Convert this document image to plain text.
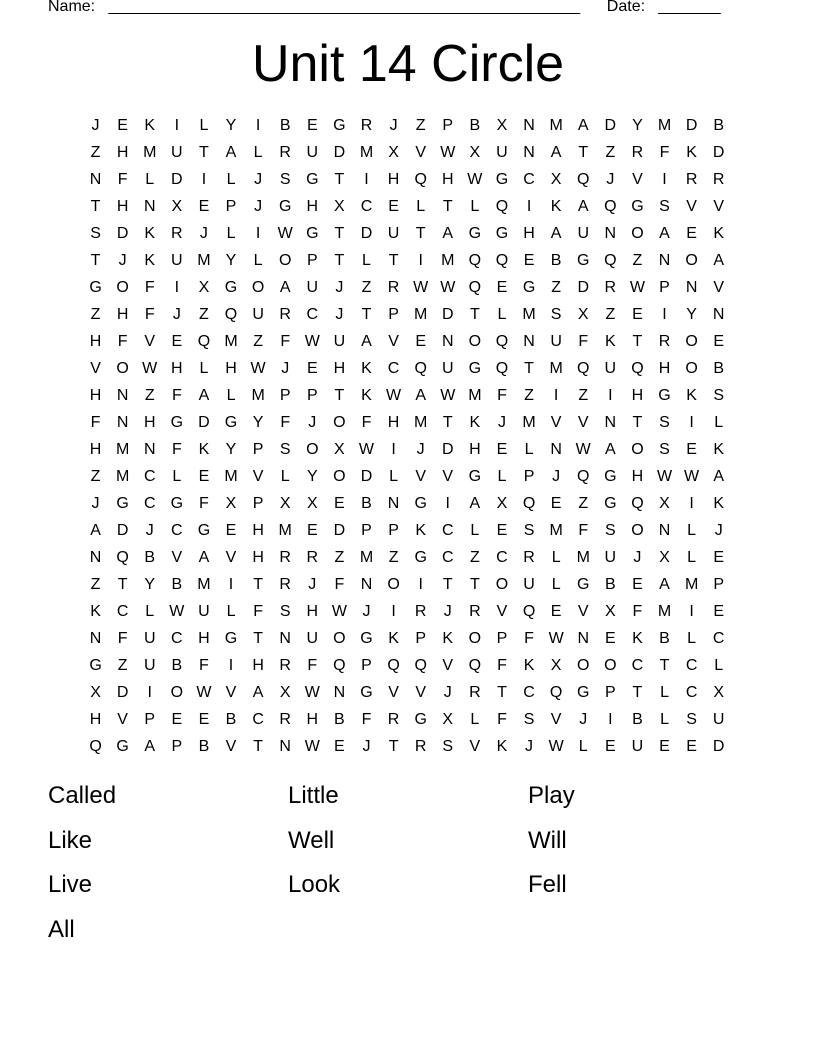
Name: _____________________________________________________ Date: _______
Unit 14 Circle
J	E	K	I	L	Y	I	B	E G R	J	Z	P	B	X N M A D Y M D B
Z	H M U	T	A	L	R U D M X	V W X U N A	T	Z	R	F	K D
N	F	L	D	I	L	J	S G T	I	H Q H W G C X Q	J	V	I	R R
T	H N X	E	P	J	G H X C E	L	T	L	Q	I	K	A Q G S	V	V
S D K R	J	L	I	W G T	D U	T	A G G H A U N O A	E	K
T	J	K U M Y	L	O P	T	L	T	I	M Q Q E	B G Q Z	N O A
G O F	I	X G O A U	J	Z	R W W Q E G Z	D R W P N V
Z	H	F	J	Z Q U R C	J	T	P M D	T	L M S	X	Z	E	I	Y N
H	F	V	E Q M Z	F W U A	V	E N O Q N U	F	K	T	R O E
V O W H	L	H W J	E H K C Q U G Q T M Q U Q H O B
H N	Z	F	A	L M P	P	T	K W A W M F	Z	I	Z	I	H G K	S
F	N H G D G Y	F	J	O F	H M T	K	J	M V	V N	T	S	I	L
H M N	F	K	Y	P	S O X W	I	J	D H E	L	N W A O S	E	K
Z M C	L	E M V	L	Y O D	L	V	V G	L	P	J	Q G H W W A
J	G C G F	X	P	X	X	E	B N G	I	A	X Q E	Z G Q X	I	K
A D	J	C G E H M E D P	P	K C	L	E	S M F	S O N	L	J
N Q B	V	A	V H R R	Z M Z G C	Z	C R	L M U	J	X	L	E
Z	T	Y	B M	I	T	R	J	F	N O	I	T	T O U	L	G B	E	A M P
K C	L W U	L	F	S H W J	I	R	J	R V Q E	V	X	F M	I	E
N	F	U C H G T	N U O G K	P	K O P	F W N E	K	B	L	C
G Z	U B	F	I	H R	F Q P Q Q V Q F	K	X O O C	T	C	L
X D	I	O W V	A	X W N G V	V	J	R	T	C Q G P	T	L	C X
H V	P	E	E	B C R H B	F	R G X	L	F	S	V	J	I	B	L	S U
Q G A	P	B	V	T	N W E	J	T	R S	V	K	J W L	E U E	E D
Called	Little	Play
Like	Well	Will
Live	Look	Fell
All
